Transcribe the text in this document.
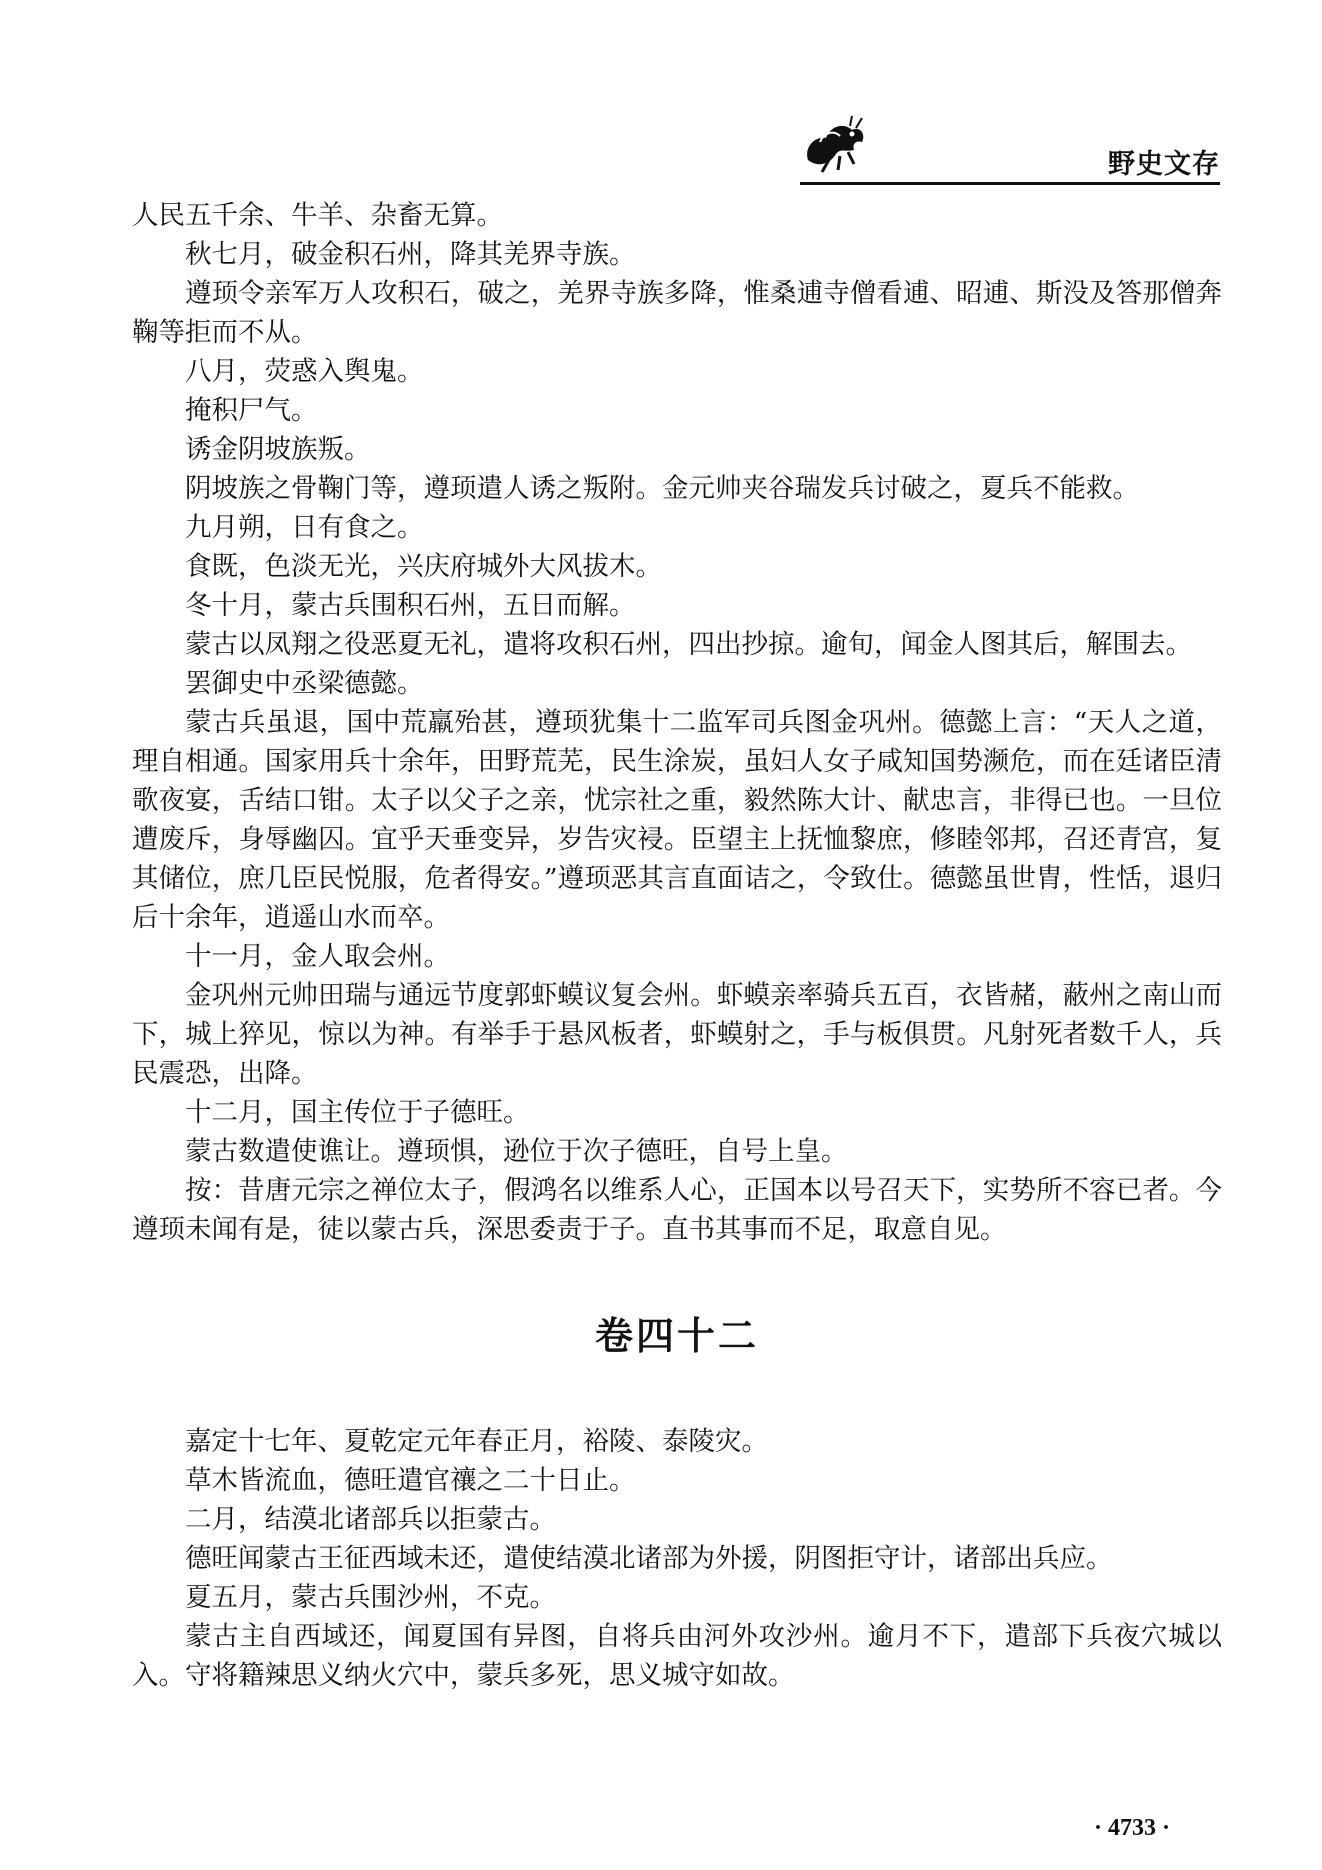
野史文存

人民五千余、牛羊、杂畜无算。

秋七月，破金积石州，降其羌界寺族。

遵顼令亲军万人攻积石，破之，羌界寺族多降，惟桑逋寺僧看逋、昭逋、斯没及答那僧奔鞠等拒而不从。

八月，荧惑入舆鬼。

掩积尸气。

诱金阴坡族叛。

阴坡族之骨鞠门等，遵顼遣人诱之叛附。金元帅夹谷瑞发兵讨破之，夏兵不能救。

九月朔，日有食之。

食既，色淡无光，兴庆府城外大风拔木。

冬十月，蒙古兵围积石州，五日而解。

蒙古以凤翔之役恶夏无礼，遣将攻积石州，四出抄掠。逾旬，闻金人图其后，解围去。

罢御史中丞梁德懿。

蒙古兵虽退，国中荒羸殆甚，遵顼犹集十二监军司兵图金巩州。德懿上言：“天人之道，理自相通。国家用兵十余年，田野荒芜，民生涂炭，虽妇人女子咸知国势濒危，而在廷诸臣清歌夜宴，舌结口钳。太子以父子之亲，忧宗社之重，毅然陈大计、献忠言，非得已也。一旦位遭废斥，身辱幽囚。宜乎天垂变异，岁告灾祲。臣望主上抚恤黎庶，修睦邻邦，召还青宫，复其储位，庶几臣民悦服，危者得安。”遵顼恶其言直面诘之，令致仕。德懿虽世胄，性恬，退归后十余年，逍遥山水而卒。

十一月，金人取会州。

金巩州元帅田瑞与通远节度郭虾蟆议复会州。虾蟆亲率骑兵五百，衣皆赭，蔽州之南山而下，城上猝见，惊以为神。有举手于悬风板者，虾蟆射之，手与板俱贯。凡射死者数千人，兵民震恐，出降。

十二月，国主传位于子德旺。

蒙古数遣使谯让。遵顼惧，逊位于次子德旺，自号上皇。

按：昔唐元宗之禅位太子，假鸿名以维系人心，正国本以号召天下，实势所不容已者。今遵顼未闻有是，徒以蒙古兵，深思委责于子。直书其事而不足，取意自见。

卷四十二

嘉定十七年、夏乾定元年春正月，裕陵、泰陵灾。

草木皆流血，德旺遣官禳之二十日止。

二月，结漠北诸部兵以拒蒙古。

德旺闻蒙古王征西域未还，遣使结漠北诸部为外援，阴图拒守计，诸部出兵应。

夏五月，蒙古兵围沙州，不克。

蒙古主自西域还，闻夏国有异图，自将兵由河外攻沙州。逾月不下，遣部下兵夜穴城以入。守将籍辣思义纳火穴中，蒙兵多死，思义城守如故。

· 4733 ·
